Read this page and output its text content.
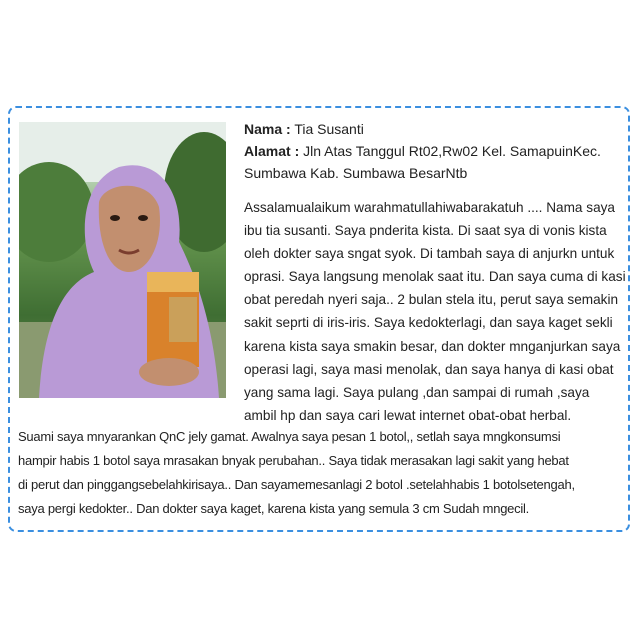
Nama : Tia Susanti
Alamat : Jln Atas Tanggul Rt02,Rw02 Kel. SamapuinKec.
Sumbawa Kab. Sumbawa BesarNtb
Assalamualaikum warahmatullahiwabarakatuh .... Nama saya
ibu tia susanti. Saya pnderita kista. Di saat sya di vonis kista
oleh dokter saya sngat syok. Di tambah saya di anjurkn untuk
oprasi. Saya langsung menolak saat itu. Dan saya cuma di kasi
obat peredah nyeri saja.. 2 bulan stela itu, perut saya semakin
sakit seprti di iris-iris. Saya kedokterlagi, dan saya kaget sekli
karena kista saya smakin besar, dan dokter mnganjurkan saya
operasi lagi, saya masi menolak, dan saya hanya di kasi obat
yang sama lagi. Saya pulang ,dan sampai di rumah ,saya
ambil hp dan saya cari lewat internet obat-obat herbal.
Suami saya mnyarankan QnC jely gamat. Awalnya saya pesan 1 botol,, setlah saya mngkonsumsi
hampir habis 1 botol saya mrasakan bnyak perubahan.. Saya tidak merasakan lagi sakit yang hebat
di perut dan pinggangsebelahkirisaya.. Dan sayamemesanlagi 2 botol .setelahhabis 1 botolsetengah,
saya pergi kedokter.. Dan dokter saya kaget, karena kista yang semula 3 cm Sudah mngecil.
